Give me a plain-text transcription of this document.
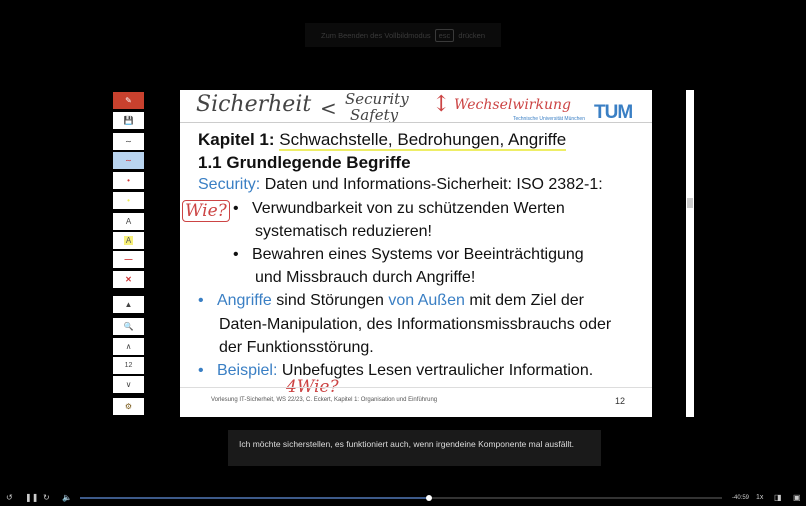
Zum Beenden des Vollbildmodus	esc	drücken
✎
💾
∼
∼
•
•
A
A
—
✕
▲
🔍
∧
12
∨
⚙
Sicherheit < Security
Safety ↕ Wechselwirkung
Technische Universität München TUM
Kapitel 1: Schwachstelle, Bedrohungen, Angriffe
1.1 Grundlegende Begriffe
Security: Daten und Informations-Sicherheit: ISO 2382-1:
Wie? •   Verwundbarkeit von zu schützenden Werten
systematisch reduzieren!
•   Bewahren eines Systems vor Beeinträchtigung
und Missbrauch durch Angriffe!
• Angriffe sind Störungen von Außen mit dem Ziel der
Daten-Manipulation, des Informationsmissbrauchs oder
der Funktionsstörung.
• Beispiel: Unbefugtes Lesen vertraulicher Information.
4Wie?
Vorlesung IT-Sicherheit, WS 22/23, C. Eckert, Kapitel 1: Organisation und Einführung	12
Ich möchte sicherstellen, es funktioniert auch, wenn irgendeine Komponente mal ausfällt.
↺ ❚❚ ↻ 🔈	-40:59 1x ◨ ▣
